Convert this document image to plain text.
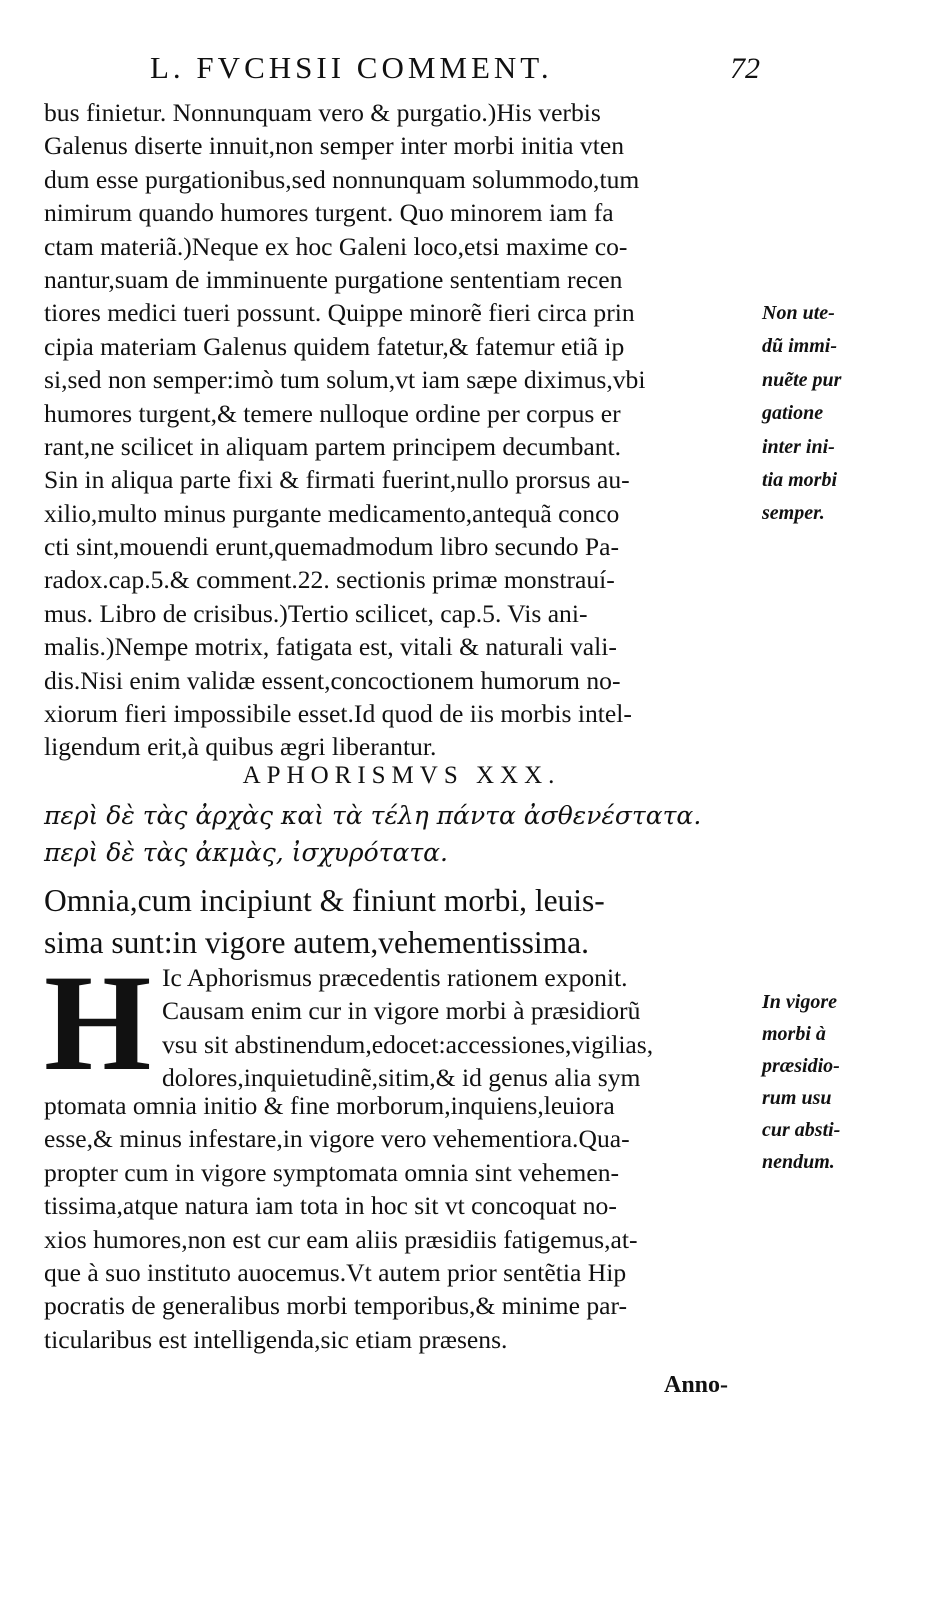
L. FVCHSII COMMENT.	72
bus finietur. Nonnunquam vero & purgatio.)His verbis
Galenus diserte innuit,non semper inter morbi initia vten
dum esse purgationibus,sed nonnunquam solummodo,tum
nimirum quando humores turgent. Quo minorem iam fa
ctam materiã.)Neque ex hoc Galeni loco,etsi maxime co-
nantur,suam de imminuente purgatione sententiam recen
tiores medici tueri possunt. Quippe minorẽ fieri circa prin
cipia materiam Galenus quidem fatetur,& fatemur etiã ip
si,sed non semper:imò tum solum,vt iam sæpe diximus,vbi
humores turgent,& temere nulloque ordine per corpus er
rant,ne scilicet in aliquam partem principem decumbant.
Sin in aliqua parte fixi & firmati fuerint,nullo prorsus au-
xilio,multo minus purgante medicamento,antequã conco
cti sint,mouendi erunt,quemadmodum libro secundo Pa-
radox.cap.5.& comment.22. sectionis primæ monstrauí-
mus. Libro de crisibus.)Tertio scilicet, cap.5. Vis ani-
malis.)Nempe motrix, fatigata est, vitali & naturali vali-
dis.Nisi enim validæ essent,concoctionem humorum no-
xiorum fieri impossibile esset.Id quod de iis morbis intel-
ligendum erit,à quibus ægri liberantur.
Non ute-
dũ immi-
nuẽte pur
gatione
inter ini-
tia morbi
semper.
APHORISMVS XXX.
περὶ δὲ τὰς ἀρχὰς καὶ τὰ τέλη πάντα ἀσθενέστατα.
περὶ δὲ τὰς ἀκμὰς, ἰσχυρότατα.
Omnia,cum incipiunt & finiunt morbi, leuis-
sima sunt:in vigore autem,vehementissima.
H Ic Aphorismus præcedentis rationem exponit.
Causam enim cur in vigore morbi à præsidiorũ
vsu sit abstinendum,edocet:accessiones,vigilias,
dolores,inquietudinẽ,sitim,& id genus alia sym
ptomata omnia initio & fine morborum,inquiens,leuiora
esse,& minus infestare,in vigore vero vehementiora.Qua-
propter cum in vigore symptomata omnia sint vehemen-
tissima,atque natura iam tota in hoc sit vt concoquat no-
xios humores,non est cur eam aliis præsidiis fatigemus,at-
que à suo instituto auocemus.Vt autem prior sentẽtia Hip
pocratis de generalibus morbi temporibus,& minime par-
ticularibus est intelligenda,sic etiam præsens.
In vigore
morbi à
præsidio-
rum usu
cur absti-
nendum.
Anno-
